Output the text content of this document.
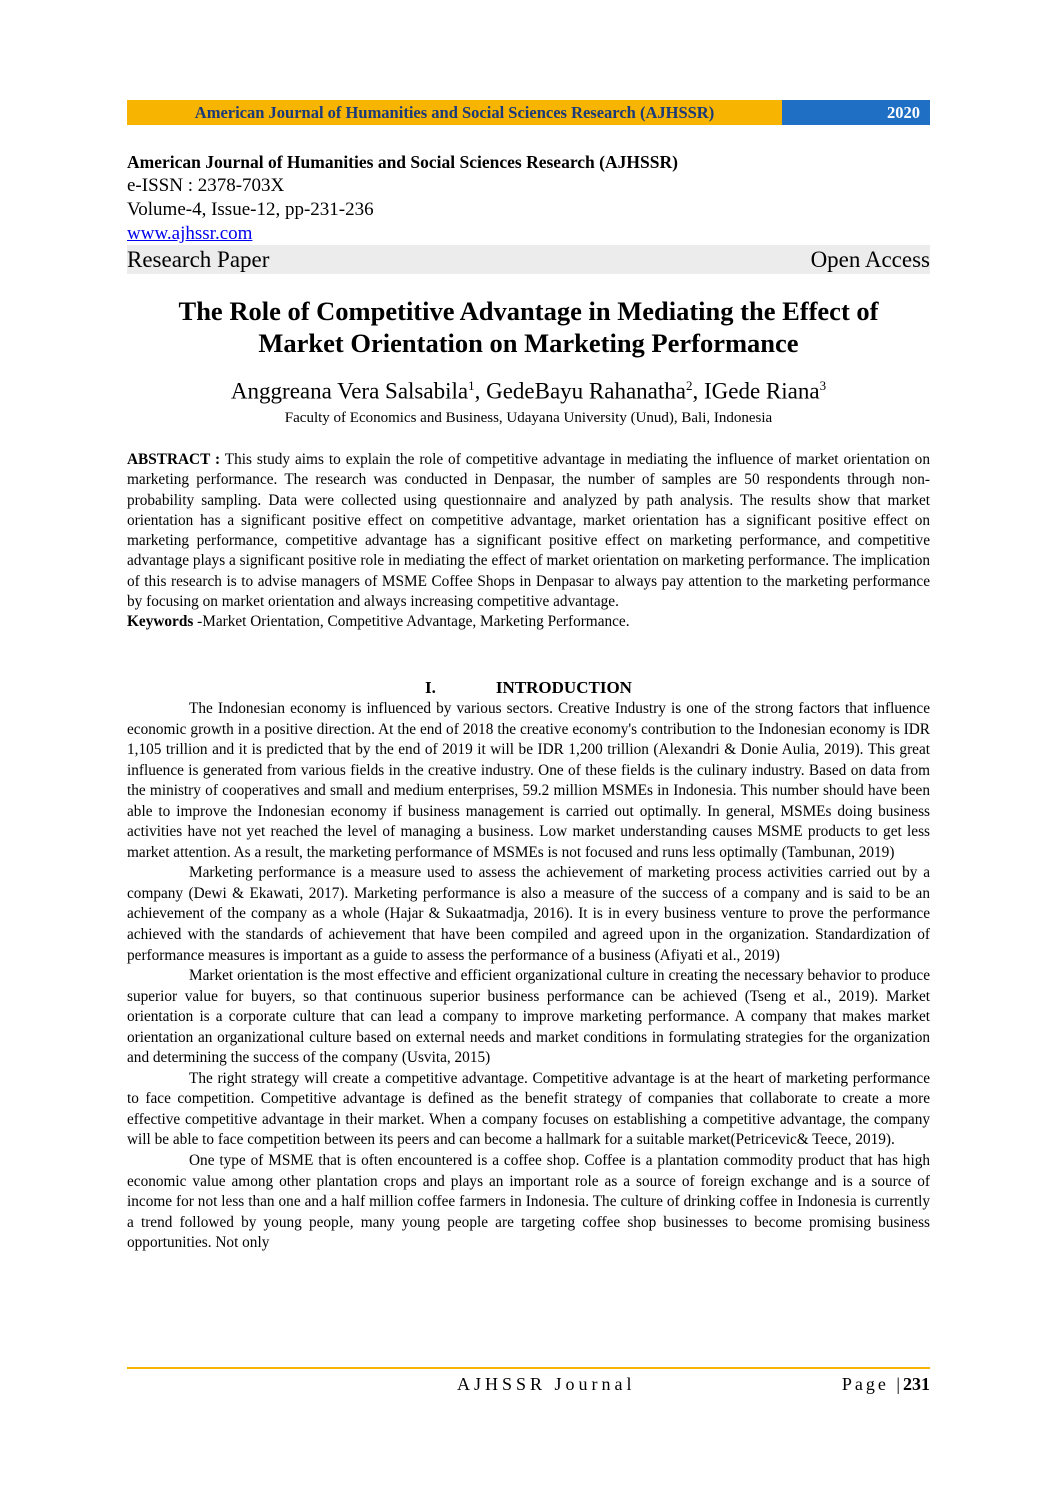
American Journal of Humanities and Social Sciences Research (AJHSSR)	2020
American Journal of Humanities and Social Sciences Research (AJHSSR)
e-ISSN : 2378-703X
Volume-4, Issue-12, pp-231-236
www.ajhssr.com
Research Paper	Open Access
The Role of Competitive Advantage in Mediating the Effect of
Market Orientation on Marketing Performance
Anggreana Vera Salsabila$^1$, GedeBayu Rahanatha$^2$, IGede Riana$^3$
Faculty of Economics and Business, Udayana University (Unud), Bali, Indonesia
ABSTRACT : This study aims to explain the role of competitive advantage in mediating the influence of market orientation on marketing performance. The research was conducted in Denpasar, the number of samples are 50 respondents through non-probability sampling. Data were collected using questionnaire and analyzed by path analysis. The results show that market orientation has a significant positive effect on competitive advantage, market orientation has a significant positive effect on marketing performance, competitive advantage has a significant positive effect on marketing performance, and competitive advantage plays a significant positive role in mediating the effect of market orientation on marketing performance. The implication of this research is to advise managers of MSME Coffee Shops in Denpasar to always pay attention to the marketing performance by focusing on market orientation and always increasing competitive advantage.
Keywords -Market Orientation, Competitive Advantage, Marketing Performance.
I.	INTRODUCTION

The Indonesian economy is influenced by various sectors. Creative Industry is one of the strong factors that influence economic growth in a positive direction. At the end of 2018 the creative economy's contribution to the Indonesian economy is IDR 1,105 trillion and it is predicted that by the end of 2019 it will be IDR 1,200 trillion (Alexandri & Donie Aulia, 2019). This great influence is generated from various fields in the creative industry. One of these fields is the culinary industry. Based on data from the ministry of cooperatives and small and medium enterprises, 59.2 million MSMEs in Indonesia. This number should have been able to improve the Indonesian economy if business management is carried out optimally. In general, MSMEs doing business activities have not yet reached the level of managing a business. Low market understanding causes MSME products to get less market attention. As a result, the marketing performance of MSMEs is not focused and runs less optimally (Tambunan, 2019)

Marketing performance is a measure used to assess the achievement of marketing process activities carried out by a company (Dewi & Ekawati, 2017). Marketing performance is also a measure of the success of a company and is said to be an achievement of the company as a whole (Hajar & Sukaatmadja, 2016). It is in every business venture to prove the performance achieved with the standards of achievement that have been compiled and agreed upon in the organization. Standardization of performance measures is important as a guide to assess the performance of a business (Afiyati et al., 2019)

Market orientation is the most effective and efficient organizational culture in creating the necessary behavior to produce superior value for buyers, so that continuous superior business performance can be achieved (Tseng et al., 2019). Market orientation is a corporate culture that can lead a company to improve marketing performance. A company that makes market orientation an organizational culture based on external needs and market conditions in formulating strategies for the organization and determining the success of the company (Usvita, 2015)

The right strategy will create a competitive advantage. Competitive advantage is at the heart of marketing performance to face competition. Competitive advantage is defined as the benefit strategy of companies that collaborate to create a more effective competitive advantage in their market. When a company focuses on establishing a competitive advantage, the company will be able to face competition between its peers and can become a hallmark for a suitable market(Petricevic& Teece, 2019).

One type of MSME that is often encountered is a coffee shop. Coffee is a plantation commodity product that has high economic value among other plantation crops and plays an important role as a source of foreign exchange and is a source of income for not less than one and a half million coffee farmers in Indonesia. The culture of drinking coffee in Indonesia is currently a trend followed by young people, many young people are targeting coffee shop businesses to become promising business opportunities. Not only

AJHSSR Journal	Page |231
